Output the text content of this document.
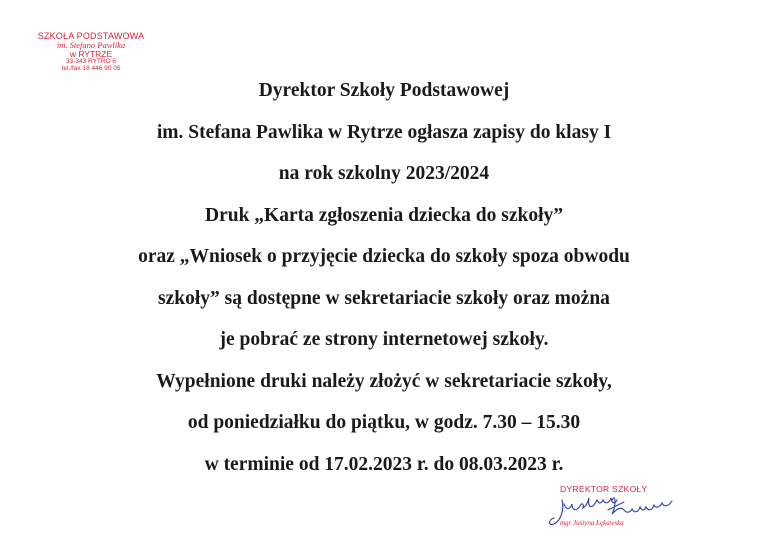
SZKOŁA PODSTAWOWA
im. Stefano Pawlika
w RYTRZE
33-343 RYTRO 6
tel./fax 18 446 90 05
Dyrektor Szkoły Podstawowej
im. Stefana Pawlika w Rytrze ogłasza zapisy do klasy I
na rok szkolny 2023/2024
Druk „Karta zgłoszenia dziecka do szkoły”
oraz „Wniosek o przyjęcie dziecka do szkoły spoza obwodu
szkoły” są dostępne w sekretariacie szkoły oraz można
je pobrać ze strony internetowej szkoły.
Wypełnione druki należy złożyć w sekretariacie szkoły,
od poniedziałku do piątku, w godz. 7.30 – 15.30
w terminie od 17.02.2023 r. do 08.03.2023 r.
DYREKTOR SZKOŁY
mgr Justyna Łękawska
